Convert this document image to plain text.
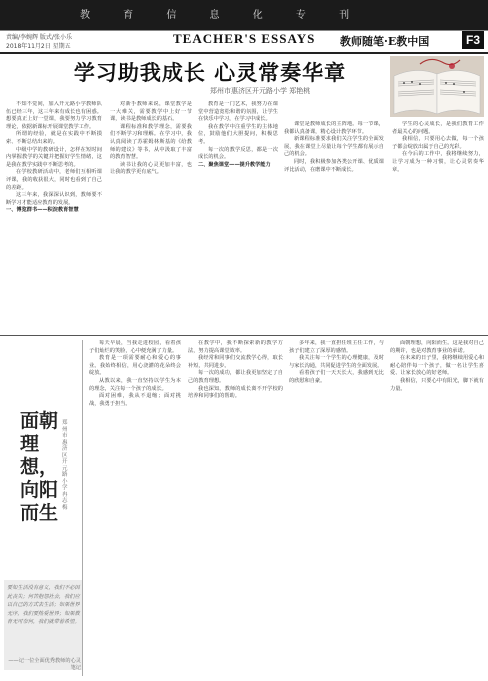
教 育 信 息 化 专 刊
责编/李婉辉 版式/张小乐
2018年11月2日 星期五
TEACHER'S ESSAYS 教师随笔·E教中国	F3
学习助我成长 心灵常奏华章
郑州市惠济区开元路小学 郑艳桃

不知不觉间，加入开元路小学教师队伍已经三年，这三年来有成长也有困惑。想要真正上好一堂课，我要努力学习教育理论，依据新课标开展课堂教学工作。

所谓的经验，就是在实践中不断摸索、不断总结出来的。

中级中学的教研设计，怎样在短时间内掌握教学的关键并把握好学生情绪，这是我在教学实践中不断思考的。

在学校教研活动中，老师们互相听课评课，我的收获很大，同时也看到了自己的差距。

这三年来，我深深认识到，教师要不断学习才能适应教育的发展。

一、博览群书——积淀教育智慧

对新手教师来说，课堂教学是一大难关，需要教学中上好一节课，读书是教师成长的基石。

课程标准和教学理念，需要我们不断学习和理解。在学习中，我认真阅读了苏霍姆林斯基的《给教师的建议》等书，从中汲取了丰富的教育智慧。

读书让我的心灵更加丰富，也让我的教学更有底气。

教育是一门艺术，我努力在课堂中营造宽松和谐的氛围，让学生在快乐中学习，在学习中成长。

我在教学中注重学生的主体地位，鼓励他们大胆提问，积极思考。

每一次的教学反思，都是一次成长的机会。

二、聚焦课堂——提升教学能力

课堂是教师成长的主阵地。每一节课，我都认真备课，精心设计教学环节。

新课程标准要求我们关注学生的全面发展，我在课堂上尽量让每个学生都有展示自己的机会。

同时，我积极参加各类公开课、优质课评比活动，在磨课中不断成长。

学生的心灵成长，是我们教育工作者最关心的问题。

我相信，只要用心去做，每一个孩子都会绽放出属于自己的光彩。

在今后的工作中，我将继续努力，让学习成为一种习惯，让心灵常奏华章。

面朝理想，向阳而生
郑州市惠济区开元路小学 冉志梅
要如生活没有意义，我们不必因此丧失；何苦抱怨社会，我们应以自己的方式去生活；如果世界无序，我们要热爱世界；如果教育无可奈何，我们就带着希望。
——记一位全面优秀教师的心灵笔记

每天早晨，当我走进校园，看着孩子们灿烂的笑脸，心中便充满了力量。

教育是一项需要耐心和爱心的事业。我始终相信，用心浇灌的花朵终会绽放。

从教以来，我一直坚持以学生为本的理念，关注每一个孩子的成长。

面对困难，我从不退缩；面对挑战，我勇于担当。

在教学中，我不断探索新的教学方法，努力提高课堂效率。

我经常和同事们交流教学心得，取长补短，共同进步。

每一次的成功，都让我更加坚定了自己的教育理想。

我也深知，教师的成长离不开学校的培养和同事们的帮助。

多年来，我一直担任班主任工作，与孩子们建立了深厚的感情。

我关注每一个学生的心理健康，及时与家长沟通，共同促进学生的全面发展。

看着孩子们一天天长大，我感到无比的欣慰和自豪。

面朝理想，向阳而生。这是我对自己的期许，也是对教育事业的承诺。

在未来的日子里，我将继续用爱心和耐心陪伴每一个孩子，做一名让学生喜爱、让家长放心的好老师。

我相信，只要心中有阳光，脚下就有力量。
